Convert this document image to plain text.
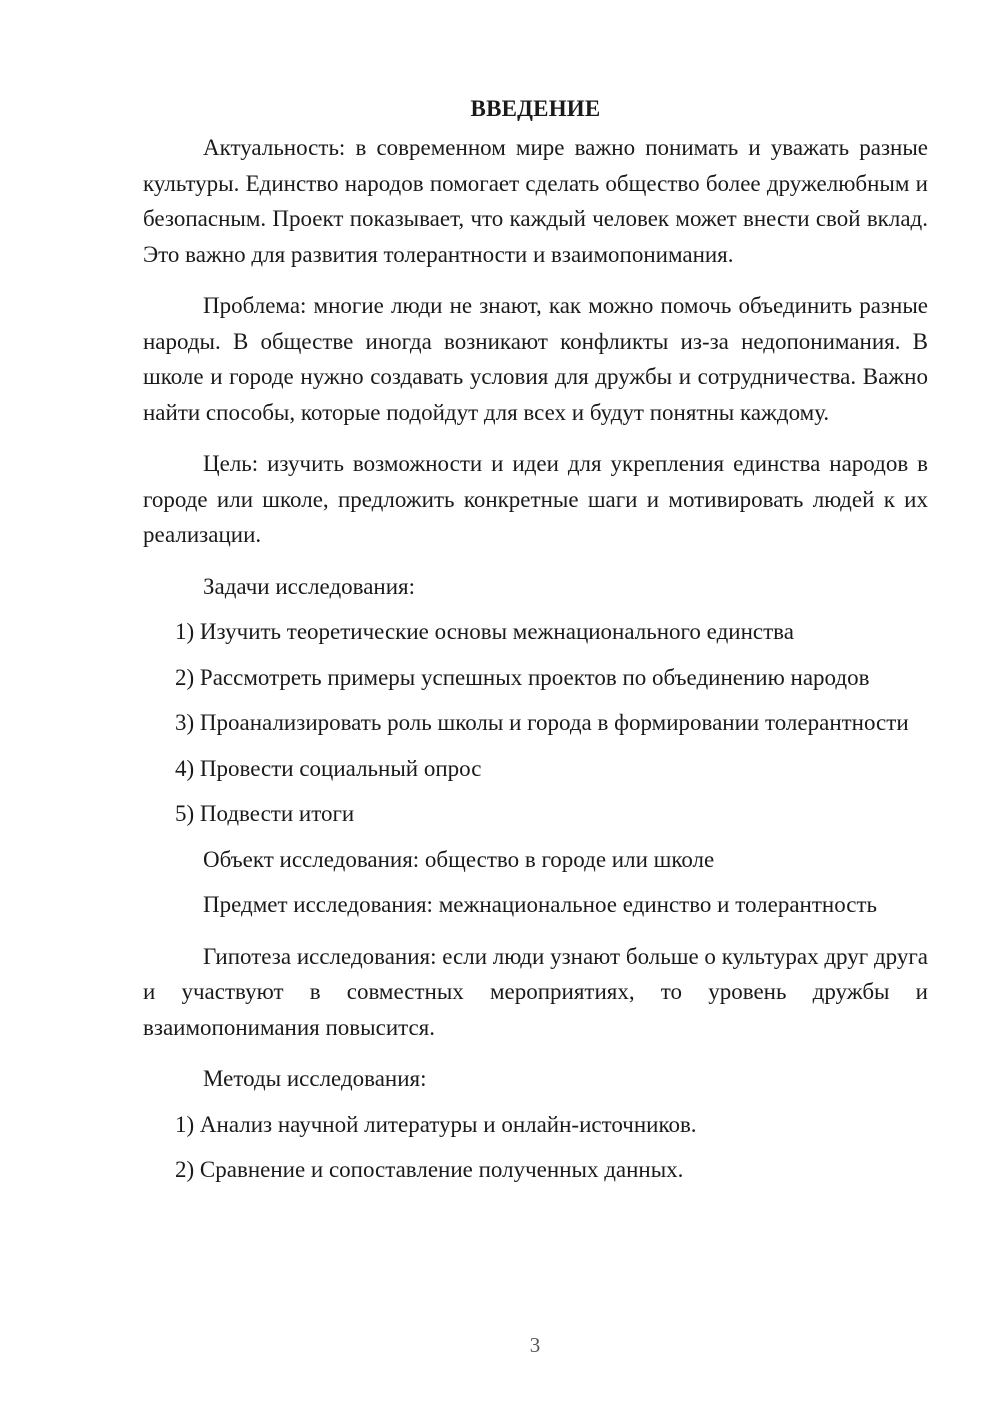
ВВЕДЕНИЕ

Актуальность: в современном мире важно понимать и уважать разные культуры. Единство народов помогает сделать общество более дружелюбным и безопасным. Проект показывает, что каждый человек может внести свой вклад. Это важно для развития толерантности и взаимопонимания.

Проблема: многие люди не знают, как можно помочь объединить разные народы. В обществе иногда возникают конфликты из-за недопонимания. В школе и городе нужно создавать условия для дружбы и сотрудничества. Важно найти способы, которые подойдут для всех и будут понятны каждому.

Цель: изучить возможности и идеи для укрепления единства народов в городе или школе, предложить конкретные шаги и мотивировать людей к их реализации.

Задачи исследования:

1) Изучить теоретические основы межнационального единства

2) Рассмотреть примеры успешных проектов по объединению народов

3) Проанализировать роль школы и города в формировании толерантности

4) Провести социальный опрос

5) Подвести итоги

Объект исследования: общество в городе или школе

Предмет исследования: межнациональное единство и толерантность

Гипотеза исследования: если люди узнают больше о культурах друг друга и участвуют в совместных мероприятиях, то уровень дружбы и взаимопонимания повысится.

Методы исследования:

1) Анализ научной литературы и онлайн-источников.

2) Сравнение и сопоставление полученных данных.

3
